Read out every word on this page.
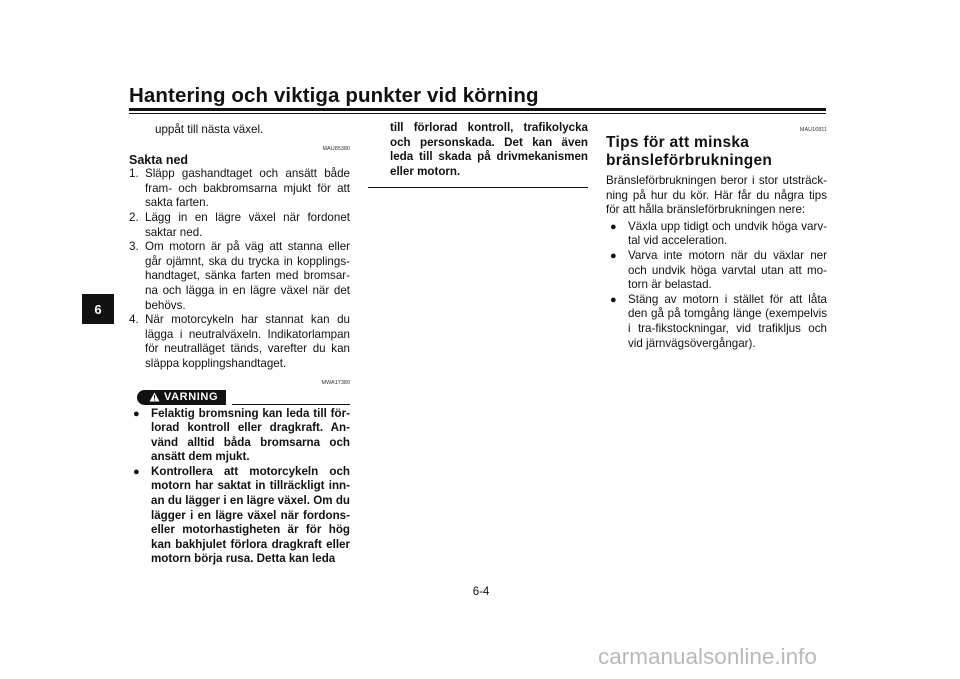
Hantering och viktiga punkter vid körning
6
uppåt till nästa växel.
MAU85380
Sakta ned
1. Släpp gashandtaget och ansätt både fram- och bakbromsarna mjukt för att sakta farten.
2. Lägg in en lägre växel när fordonet saktar ned.
3. Om motorn är på väg att stanna eller går ojämnt, ska du trycka in kopplings-handtaget, sänka farten med bromsar-na och lägga in en lägre växel när det behövs.
4. När motorcykeln har stannat kan du lägga i neutralväxeln. Indikatorlampan för neutralläget tänds, varefter du kan släppa kopplingshandtaget.
MWA17380
VARNING
● Felaktig bromsning kan leda till för-lorad kontroll eller dragkraft. An-vänd alltid båda bromsarna och ansätt dem mjukt.
● Kontrollera att motorcykeln och motorn har saktat in tillräckligt inn-an du lägger i en lägre växel. Om du lägger i en lägre växel när fordons-eller motorhastigheten är för hög kan bakhjulet förlora dragkraft eller motorn börja rusa. Detta kan leda
till förlorad kontroll, trafikolycka och personskada. Det kan även leda till skada på drivmekanismen eller motorn.
MAU16811
Tips för att minska bränsleförbrukningen
Bränsleförbrukningen beror i stor utsträck-ning på hur du kör. Här får du några tips för att hålla bränsleförbrukningen nere:
● Växla upp tidigt och undvik höga varv-tal vid acceleration.
● Varva inte motorn när du växlar ner och undvik höga varvtal utan att mo-torn är belastad.
● Stäng av motorn i stället för att låta den gå på tomgång länge (exempelvis i tra-fikstockningar, vid trafikljus och vid järnvägsövergångar).
6-4
carmanualsonline.info
